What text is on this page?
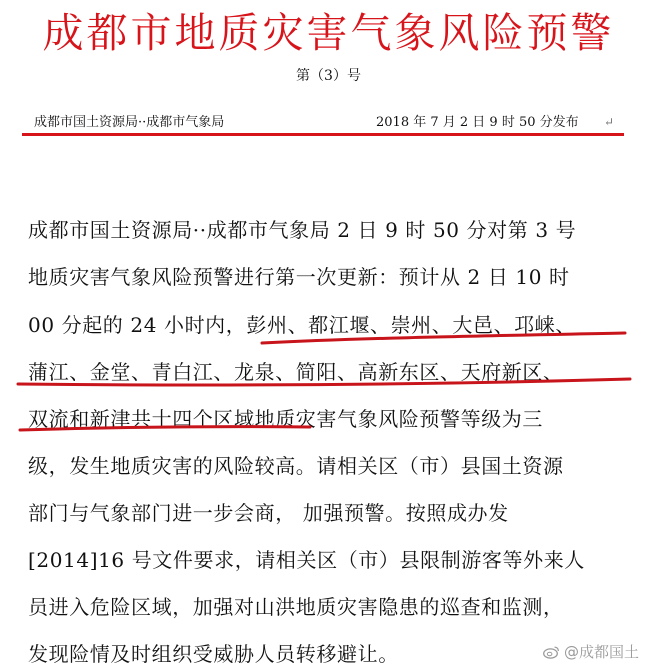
成都市地质灾害气象风险预警
第（3）号
成都市国土资源局··成都市气象局	2018 年 7 月 2 日 9 时 50 分发布 ↵
成都市国土资源局··成都市气象局 2 日 9 时 50 分对第 3 号
地质灾害气象风险预警进行第一次更新：预计从 2 日 10 时
00 分起的 24 小时内，彭州、都江堰、崇州、大邑、邛崃、
蒲江、金堂、青白江、龙泉、简阳、高新东区、天府新区、
双流和新津共十四个区域地质灾害气象风险预警等级为三
级，发生地质灾害的风险较高。请相关区（市）县国土资源
部门与气象部门进一步会商， 加强预警。按照成办发
[2014]16 号文件要求，请相关区（市）县限制游客等外来人
员进入危险区域，加强对山洪地质灾害隐患的巡查和监测，
发现险情及时组织受威胁人员转移避让。	@成都国土
